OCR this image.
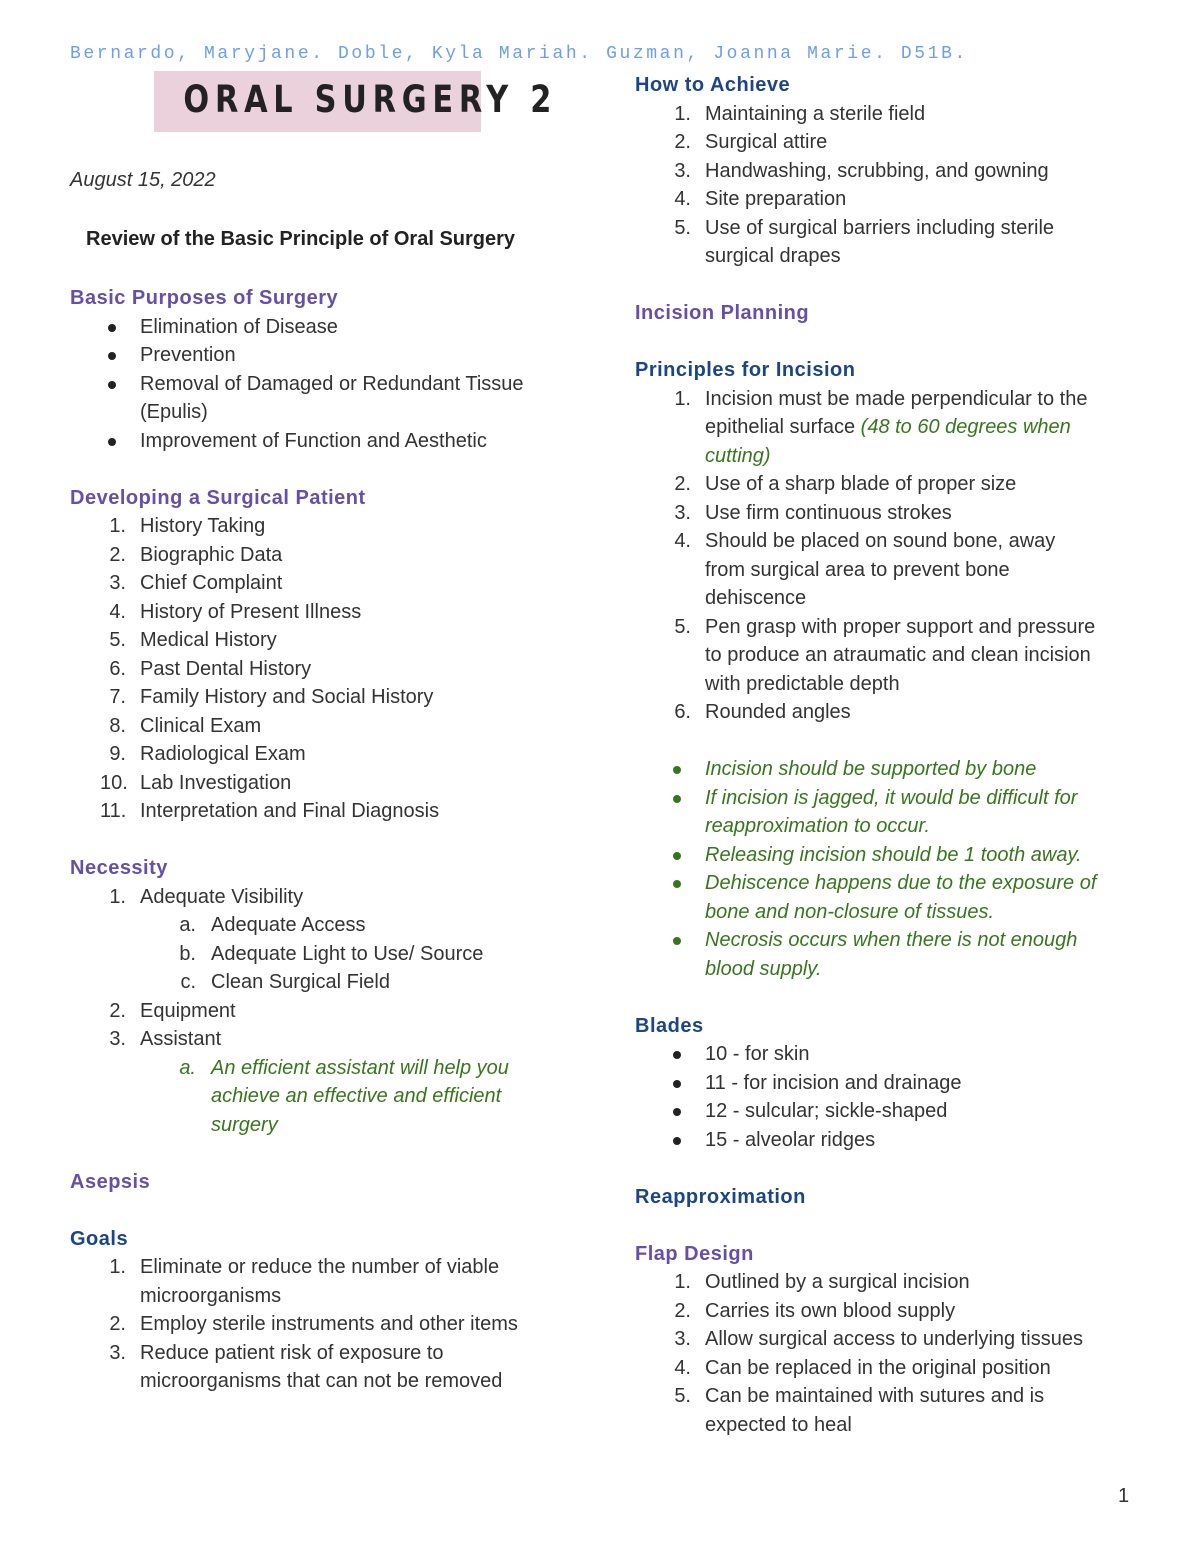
Bernardo, Maryjane. Doble, Kyla Mariah. Guzman, Joanna Marie. D51B.
ORAL SURGERY 2
August 15, 2022
Review of the Basic Principle of Oral Surgery
Basic Purposes of Surgery
Elimination of Disease
Prevention
Removal of Damaged or Redundant Tissue
(Epulis)
Improvement of Function and Aesthetic
Developing a Surgical Patient
1. History Taking
2. Biographic Data
3. Chief Complaint
4. History of Present Illness
5. Medical History
6. Past Dental History
7. Family History and Social History
8. Clinical Exam
9. Radiological Exam
10. Lab Investigation
11. Interpretation and Final Diagnosis
Necessity
1. Adequate Visibility
a. Adequate Access
b. Adequate Light to Use/ Source
c. Clean Surgical Field
2. Equipment
3. Assistant
a. An efficient assistant will help you
achieve an effective and efficient
surgery
Asepsis
Goals
1. Eliminate or reduce the number of viable
microorganisms
2. Employ sterile instruments and other items
3. Reduce patient risk of exposure to
microorganisms that can not be removed
How to Achieve
1. Maintaining a sterile field
2. Surgical attire
3. Handwashing, scrubbing, and gowning
4. Site preparation
5. Use of surgical barriers including sterile
surgical drapes
Incision Planning
Principles for Incision
1. Incision must be made perpendicular to the
epithelial surface (48 to 60 degrees when
cutting)
2. Use of a sharp blade of proper size
3. Use firm continuous strokes
4. Should be placed on sound bone, away
from surgical area to prevent bone
dehiscence
5. Pen grasp with proper support and pressure
to produce an atraumatic and clean incision
with predictable depth
6. Rounded angles
Incision should be supported by bone
If incision is jagged, it would be difficult for
reapproximation to occur.
Releasing incision should be 1 tooth away.
Dehiscence happens due to the exposure of
bone and non-closure of tissues.
Necrosis occurs when there is not enough
blood supply.
Blades
10 - for skin
11 - for incision and drainage
12 - sulcular; sickle-shaped
15 - alveolar ridges
Reapproximation
Flap Design
1. Outlined by a surgical incision
2. Carries its own blood supply
3. Allow surgical access to underlying tissues
4. Can be replaced in the original position
5. Can be maintained with sutures and is
expected to heal
1
